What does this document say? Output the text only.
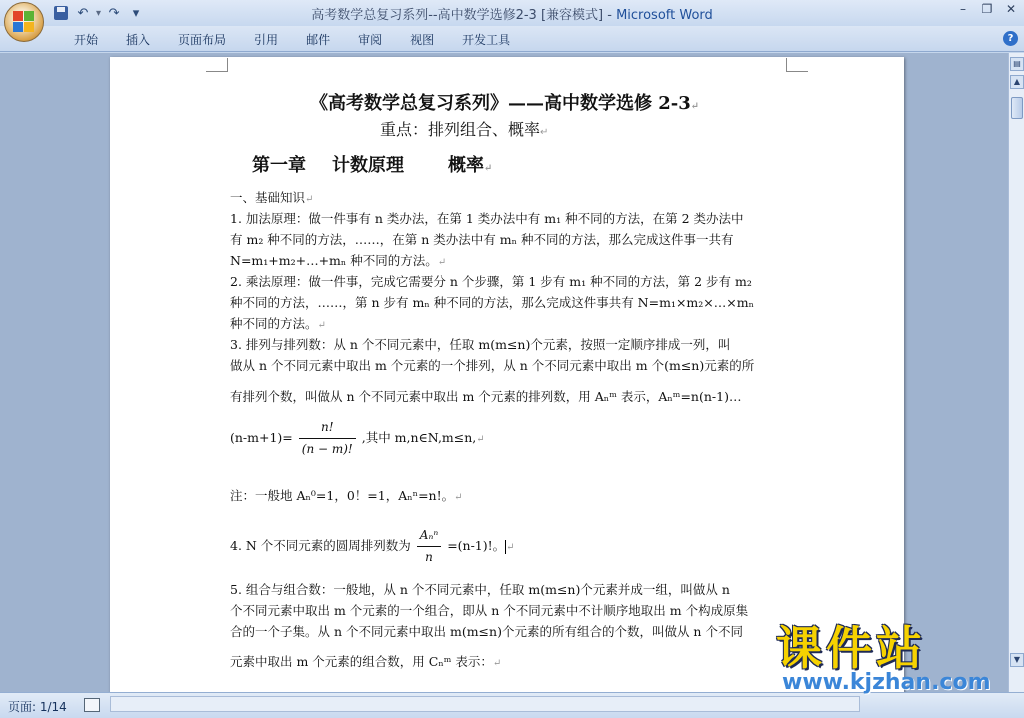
↶ ▾ ↷	▾	高考数学总复习系列--高中数学选修2-3 [兼容模式] - Microsoft Word	–	❐ ✕
开始	插入	页面布局	引用	邮件	审阅	视图	开发工具	?
《高考数学总复习系列》——高中数学选修 2-3↵
重点：排列组合、概率↵
第一章 计数原理 概率↵
一、基础知识↵
1. 加法原理：做一件事有 n 类办法，在第 1 类办法中有 m₁ 种不同的方法，在第 2 类办法中
有 m₂ 种不同的方法，……，在第 n 类办法中有 mₙ 种不同的方法，那么完成这件事一共有
N=m₁+m₂+…+mₙ 种不同的方法。↵
2. 乘法原理：做一件事，完成它需要分 n 个步骤，第 1 步有 m₁ 种不同的方法，第 2 步有 m₂
种不同的方法，……，第 n 步有 mₙ 种不同的方法，那么完成这件事共有 N=m₁×m₂×…×mₙ
种不同的方法。↵
3. 排列与排列数：从 n 个不同元素中，任取 m(m≤n)个元素，按照一定顺序排成一列，叫
做从 n 个不同元素中取出 m 个元素的一个排列，从 n 个不同元素中取出 m 个(m≤n)元素的所
有排列个数，叫做从 n 个不同元素中取出 m 个元素的排列数，用 Aₙᵐ 表示，Aₙᵐ=n(n-1)…
$(n-m+1)= \frac{n!}{(n - m)!}$ ,其中 m,n∈N,m≤n,↵
注：一般地 Aₙ⁰=1，0！=1，Aₙⁿ=n!。↵
4. N 个不同元素的圆周排列数为 $\frac{\text{Aₙⁿ}}{n} =(n-1)$!。↵
5. 组合与组合数：一般地，从 n 个不同元素中，任取 m(m≤n)个元素并成一组，叫做从 n
个不同元素中取出 m 个元素的一个组合，即从 n 个不同元素中不计顺序地取出 m 个构成原集
合的一个子集。从 n 个不同元素中取出 m(m≤n)个元素的所有组合的个数，叫做从 n 个不同
元素中取出 m 个元素的组合数，用 Cₙᵐ 表示：↵
▤
▲
▼
页面: 1/14
课件站
www.kjzhan.com
